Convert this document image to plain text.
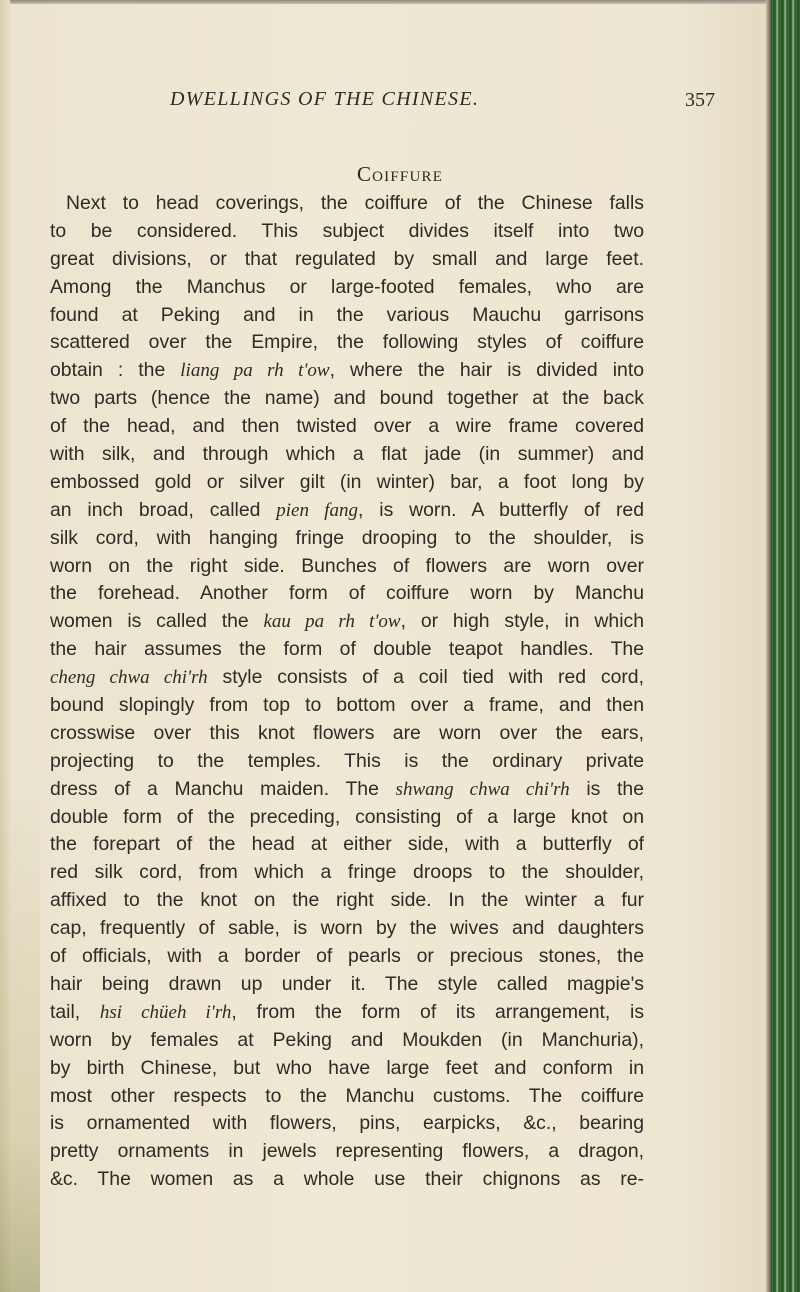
DWELLINGS OF THE CHINESE.	357
Coiffure
Next to head coverings, the coiffure of the Chinese falls
to be considered. This subject divides itself into two
great divisions, or that regulated by small and large feet.
Among the Manchus or large-footed females, who are
found at Peking and in the various Mauchu garrisons
scattered over the Empire, the following styles of coiffure
obtain : the liang pa rh t'ow, where the hair is divided into
two parts (hence the name) and bound together at the back
of the head, and then twisted over a wire frame covered
with silk, and through which a flat jade (in summer) and
embossed gold or silver gilt (in winter) bar, a foot long by
an inch broad, called pien fang, is worn. A butterfly of red
silk cord, with hanging fringe drooping to the shoulder, is
worn on the right side. Bunches of flowers are worn over
the forehead. Another form of coiffure worn by Manchu
women is called the kau pa rh t'ow, or high style, in which
the hair assumes the form of double teapot handles. The
cheng chwa chi'rh style consists of a coil tied with red cord,
bound slopingly from top to bottom over a frame, and then
crosswise over this knot flowers are worn over the ears,
projecting to the temples. This is the ordinary private
dress of a Manchu maiden. The shwang chwa chi'rh is the
double form of the preceding, consisting of a large knot on
the forepart of the head at either side, with a butterfly of
red silk cord, from which a fringe droops to the shoulder,
affixed to the knot on the right side. In the winter a fur
cap, frequently of sable, is worn by the wives and daughters
of officials, with a border of pearls or precious stones, the
hair being drawn up under it. The style called magpie's
tail, hsi chüeh i'rh, from the form of its arrangement, is
worn by females at Peking and Moukden (in Manchuria),
by birth Chinese, but who have large feet and conform in
most other respects to the Manchu customs. The coiffure
is ornamented with flowers, pins, earpicks, &c., bearing
pretty ornaments in jewels representing flowers, a dragon,
&c. The women as a whole use their chignons as re-
